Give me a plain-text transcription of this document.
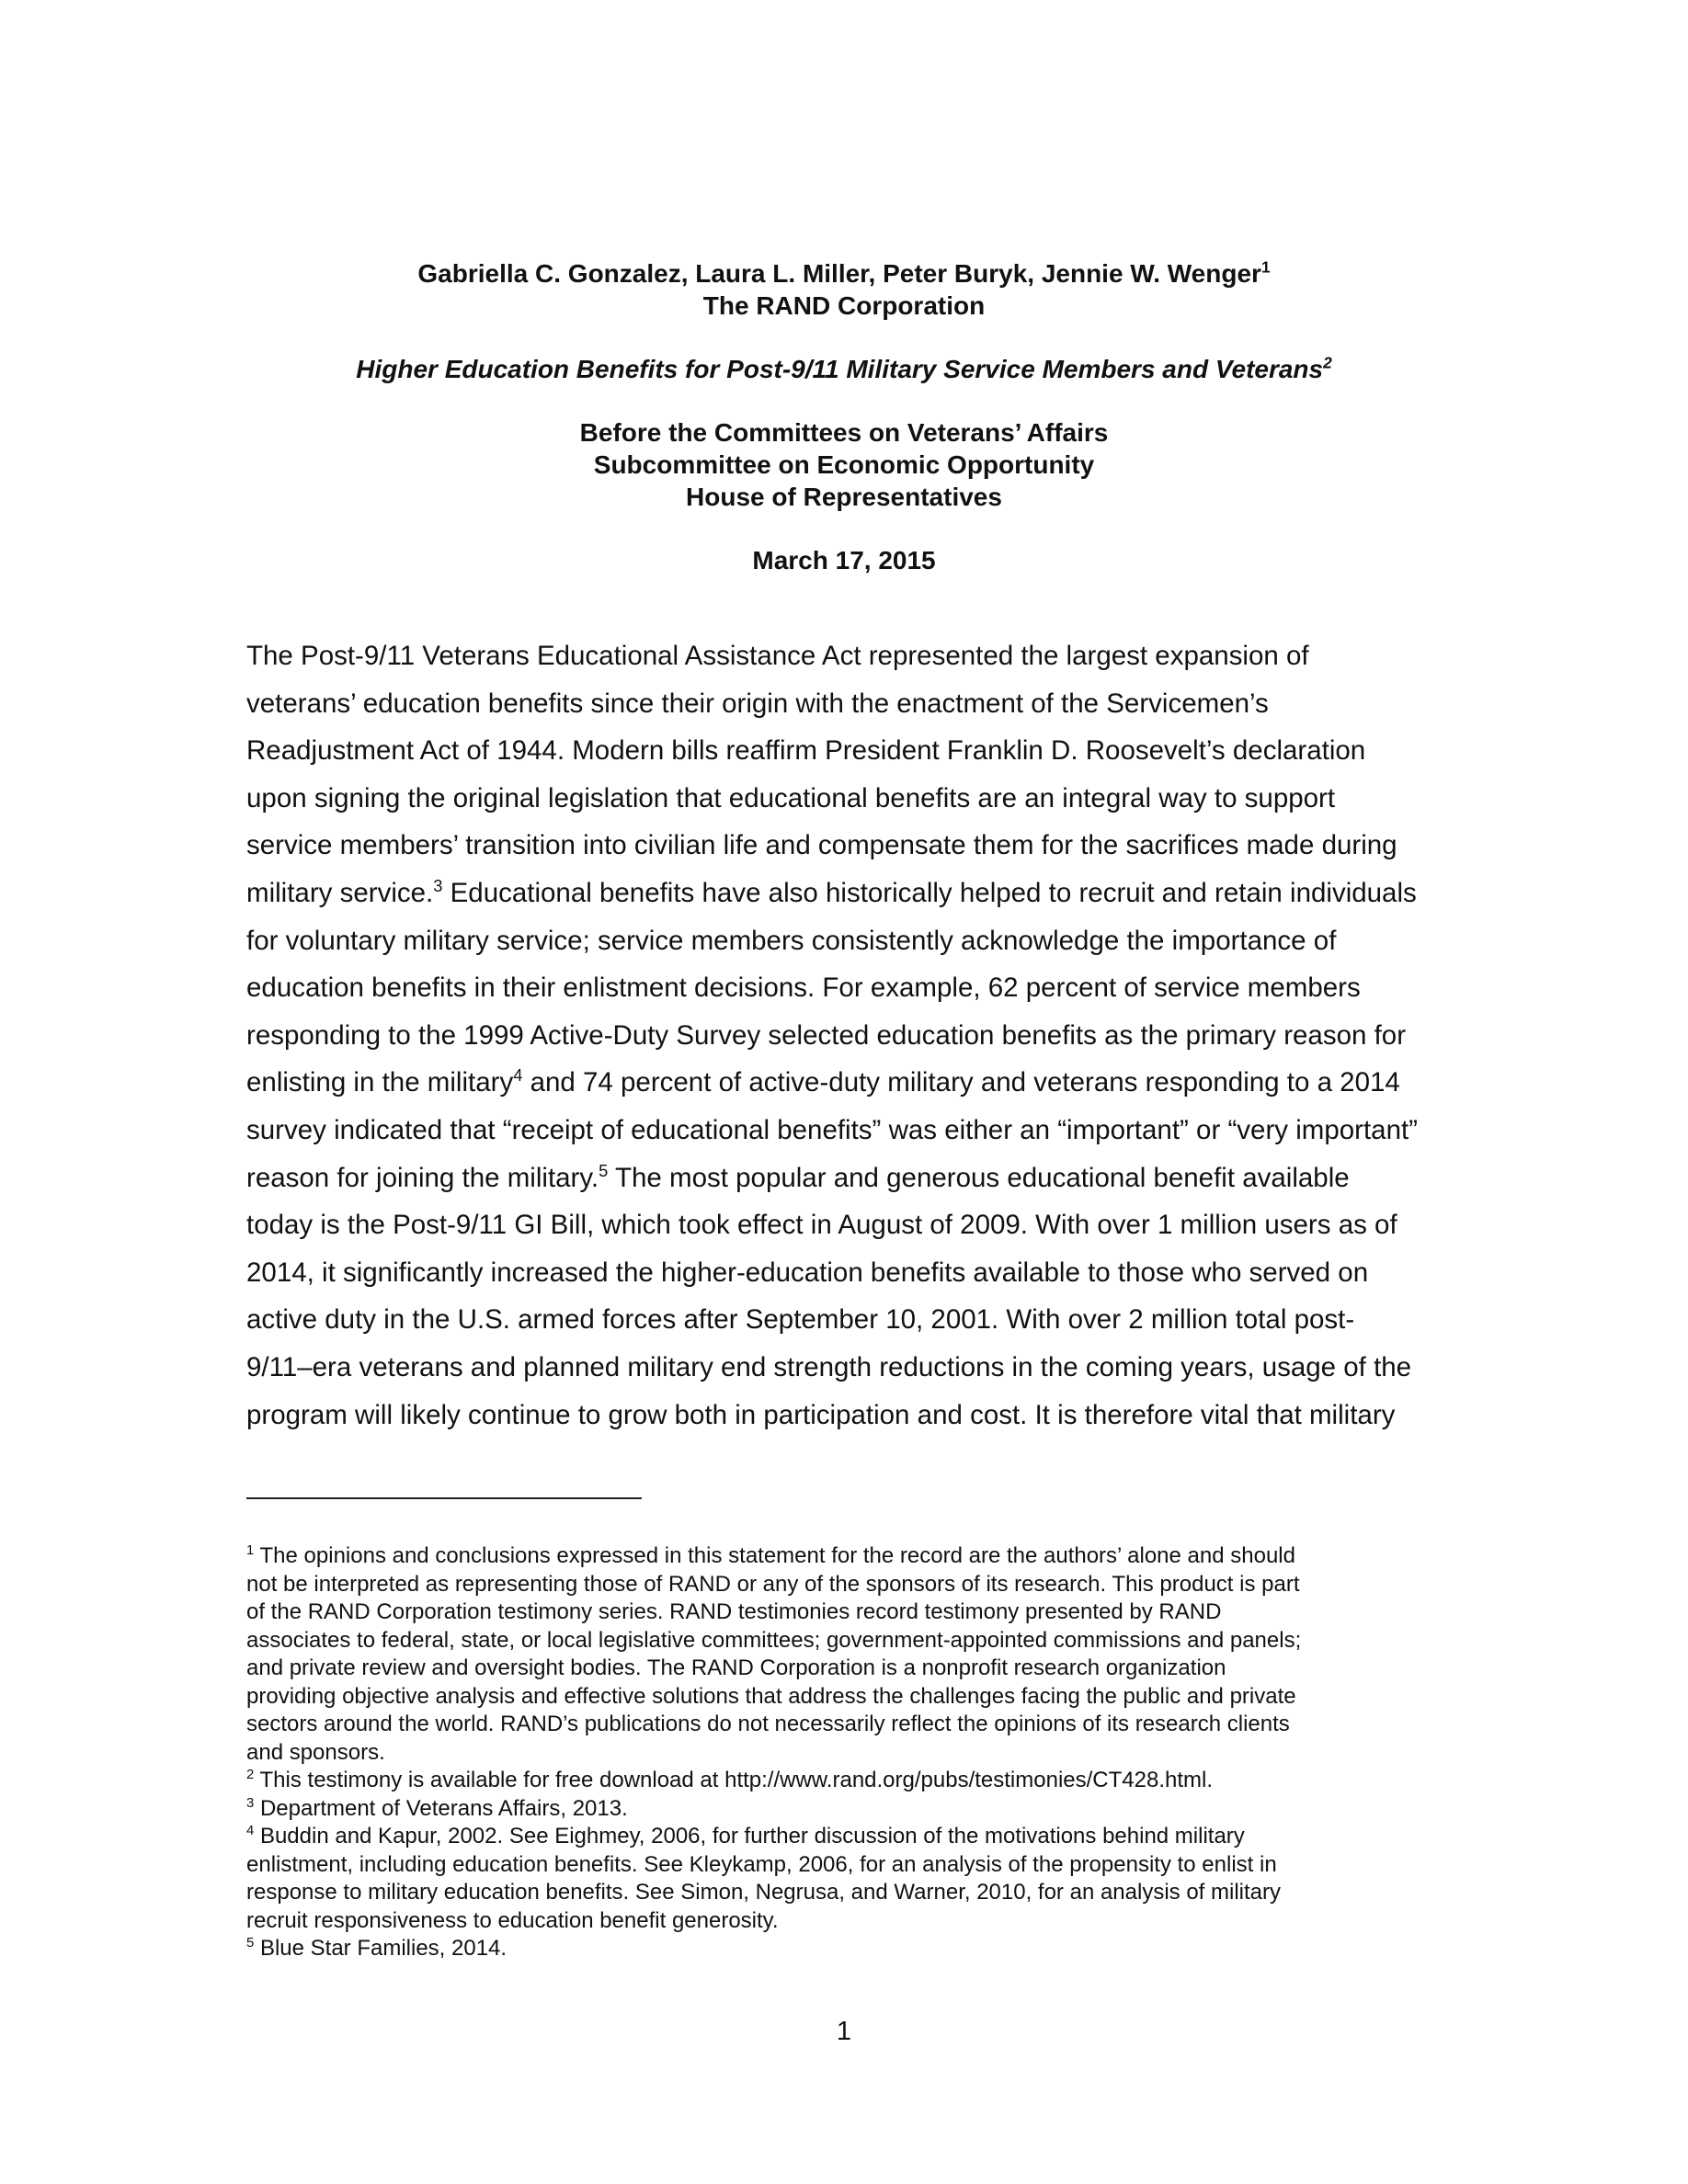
Gabriella C. Gonzalez, Laura L. Miller, Peter Buryk, Jennie W. Wenger$^1$

The RAND Corporation

Higher Education Benefits for Post-9/11 Military Service Members and Veterans$^2$

Before the Committees on Veterans’ Affairs

Subcommittee on Economic Opportunity

House of Representatives

March 17, 2015

The Post-9/11 Veterans Educational Assistance Act represented the largest expansion of
veterans’ education benefits since their origin with the enactment of the Servicemen’s
Readjustment Act of 1944. Modern bills reaffirm President Franklin D. Roosevelt’s declaration
upon signing the original legislation that educational benefits are an integral way to support
service members’ transition into civilian life and compensate them for the sacrifices made during
military service.$^3$ Educational benefits have also historically helped to recruit and retain individuals
for voluntary military service; service members consistently acknowledge the importance of
education benefits in their enlistment decisions. For example, 62 percent of service members
responding to the 1999 Active-Duty Survey selected education benefits as the primary reason for
enlisting in the military$^4$ and 74 percent of active-duty military and veterans responding to a 2014
survey indicated that “receipt of educational benefits” was either an “important” or “very important”
reason for joining the military.$^5$ The most popular and generous educational benefit available
today is the Post-9/11 GI Bill, which took effect in August of 2009. With over 1 million users as of
2014, it significantly increased the higher-education benefits available to those who served on
active duty in the U.S. armed forces after September 10, 2001. With over 2 million total post-
9/11–era veterans and planned military end strength reductions in the coming years, usage of the
program will likely continue to grow both in participation and cost. It is therefore vital that military
$^1$ The opinions and conclusions expressed in this statement for the record are the authors’ alone and should
not be interpreted as representing those of RAND or any of the sponsors of its research. This product is part
of the RAND Corporation testimony series. RAND testimonies record testimony presented by RAND
associates to federal, state, or local legislative committees; government-appointed commissions and panels;
and private review and oversight bodies. The RAND Corporation is a nonprofit research organization
providing objective analysis and effective solutions that address the challenges facing the public and private
sectors around the world. RAND’s publications do not necessarily reflect the opinions of its research clients
and sponsors.
$^2$ This testimony is available for free download at http://www.rand.org/pubs/testimonies/CT428.html.
$^3$ Department of Veterans Affairs, 2013.
$^4$ Buddin and Kapur, 2002. See Eighmey, 2006, for further discussion of the motivations behind military
enlistment, including education benefits. See Kleykamp, 2006, for an analysis of the propensity to enlist in
response to military education benefits. See Simon, Negrusa, and Warner, 2010, for an analysis of military
recruit responsiveness to education benefit generosity.
$^5$ Blue Star Families, 2014.
1
